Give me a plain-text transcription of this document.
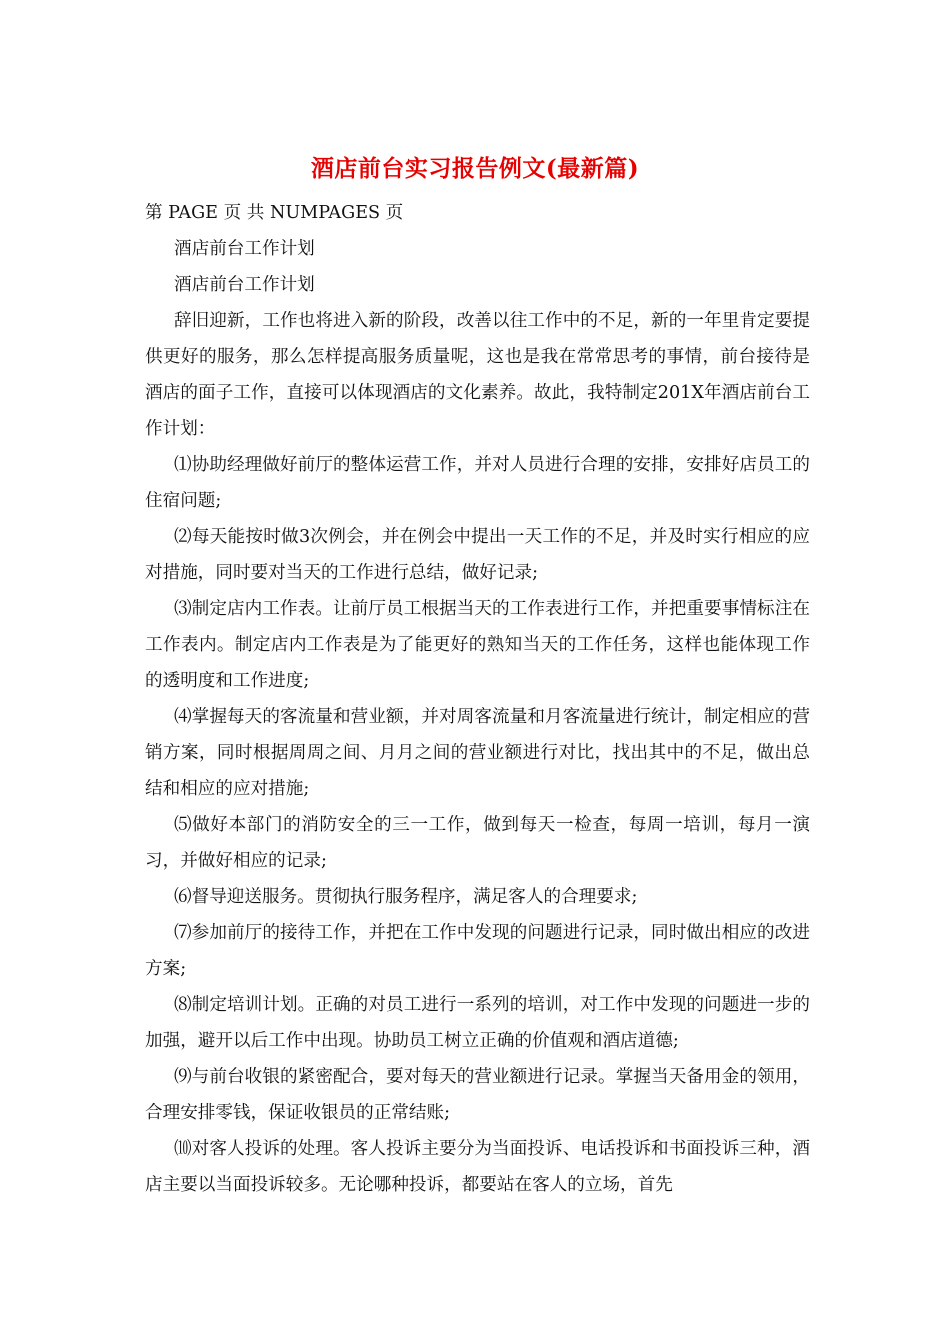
酒店前台实习报告例文(最新篇)

第 PAGE 页 共 NUMPAGES 页

酒店前台工作计划

酒店前台工作计划

辞旧迎新，工作也将进入新的阶段，改善以往工作中的不足，新的一年里肯定要提供更好的服务，那么怎样提高服务质量呢，这也是我在常常思考的事情，前台接待是酒店的面子工作，直接可以体现酒店的文化素养。故此，我特制定201X年酒店前台工作计划：

⑴协助经理做好前厅的整体运营工作，并对人员进行合理的安排，安排好店员工的住宿问题;

⑵每天能按时做3次例会，并在例会中提出一天工作的不足，并及时实行相应的应对措施，同时要对当天的工作进行总结，做好记录;

⑶制定店内工作表。让前厅员工根据当天的工作表进行工作，并把重要事情标注在工作表内。制定店内工作表是为了能更好的熟知当天的工作任务，这样也能体现工作的透明度和工作进度;

⑷掌握每天的客流量和营业额，并对周客流量和月客流量进行统计，制定相应的营销方案，同时根据周周之间、月月之间的营业额进行对比，找出其中的不足，做出总结和相应的应对措施;

⑸做好本部门的消防安全的三一工作，做到每天一检查，每周一培训，每月一演习，并做好相应的记录;

⑹督导迎送服务。贯彻执行服务程序，满足客人的合理要求;

⑺参加前厅的接待工作，并把在工作中发现的问题进行记录，同时做出相应的改进方案;

⑻制定培训计划。正确的对员工进行一系列的培训，对工作中发现的问题进一步的加强，避开以后工作中出现。协助员工树立正确的价值观和酒店道德;

⑼与前台收银的紧密配合，要对每天的营业额进行记录。掌握当天备用金的领用，合理安排零钱，保证收银员的正常结账;

⑽对客人投诉的处理。客人投诉主要分为当面投诉、电话投诉和书面投诉三种，酒店主要以当面投诉较多。无论哪种投诉，都要站在客人的立场，首先
